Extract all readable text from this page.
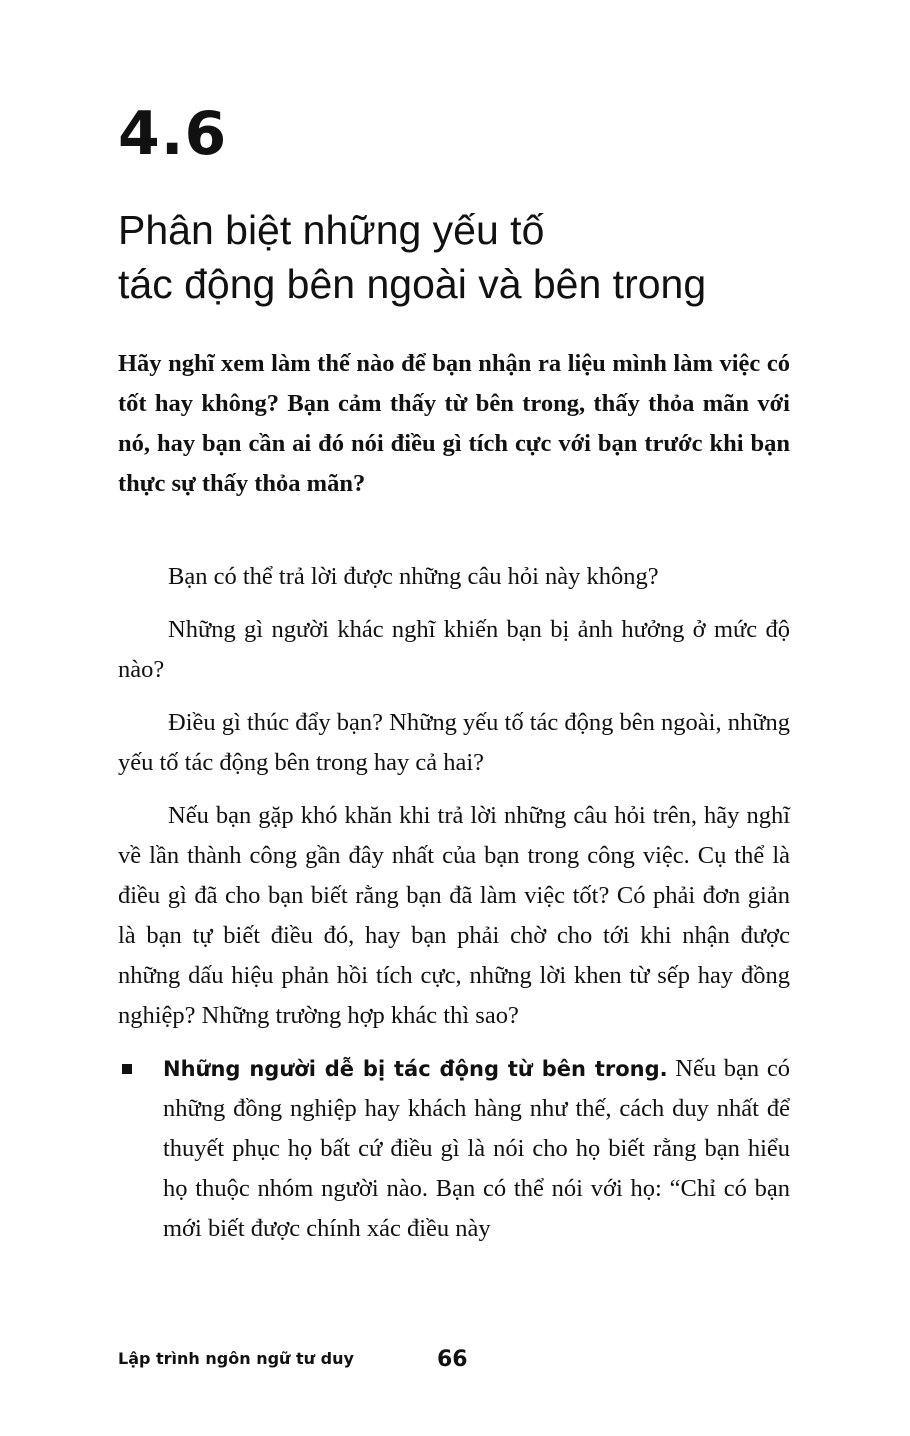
4.6
Phân biệt những yếu tố
tác động bên ngoài và bên trong

Hãy nghĩ xem làm thế nào để bạn nhận ra liệu mình làm việc có tốt hay không? Bạn cảm thấy từ bên trong, thấy thỏa mãn với nó, hay bạn cần ai đó nói điều gì tích cực với bạn trước khi bạn thực sự thấy thỏa mãn?

Bạn có thể trả lời được những câu hỏi này không?

Những gì người khác nghĩ khiến bạn bị ảnh hưởng ở mức độ nào?

Điều gì thúc đẩy bạn? Những yếu tố tác động bên ngoài, những yếu tố tác động bên trong hay cả hai?

Nếu bạn gặp khó khăn khi trả lời những câu hỏi trên, hãy nghĩ về lần thành công gần đây nhất của bạn trong công việc. Cụ thể là điều gì đã cho bạn biết rằng bạn đã làm việc tốt? Có phải đơn giản là bạn tự biết điều đó, hay bạn phải chờ cho tới khi nhận được những dấu hiệu phản hồi tích cực, những lời khen từ sếp hay đồng nghiệp? Những trường hợp khác thì sao?

Những người dễ bị tác động từ bên trong. Nếu bạn có những đồng nghiệp hay khách hàng như thế, cách duy nhất để thuyết phục họ bất cứ điều gì là nói cho họ biết rằng bạn hiểu họ thuộc nhóm người nào. Bạn có thể nói với họ: “Chỉ có bạn mới biết được chính xác điều này

Lập trình ngôn ngữ tư duy	66
